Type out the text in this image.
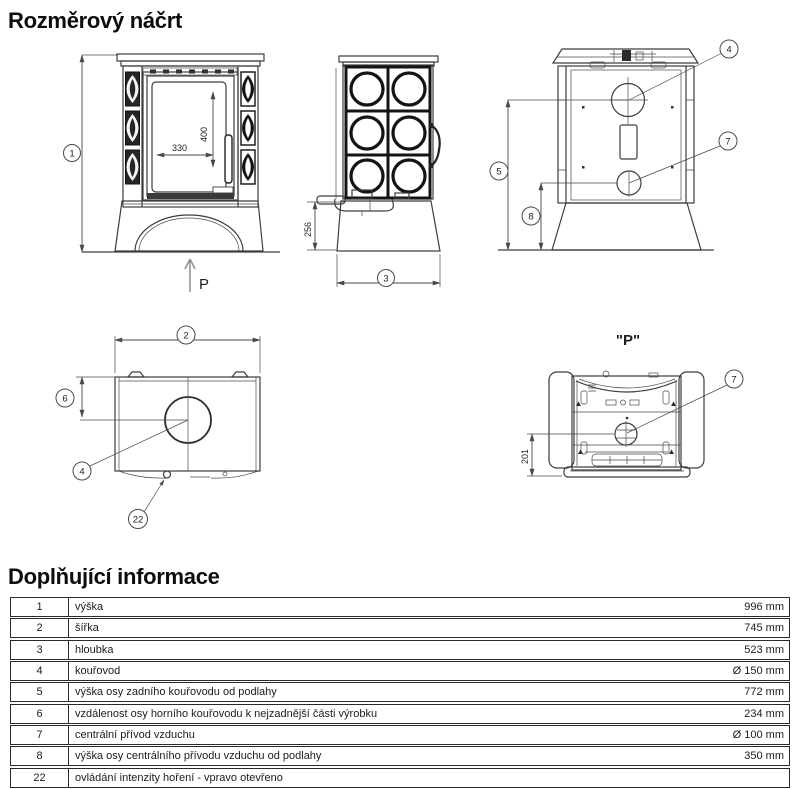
Rozměrový náčrt
400
330
1
P
256
3
5
8
4
7
2
6
4
22
"P"
201
7
Doplňující informace
1	výška	996 mm
2	šířka	745 mm
3	hloubka	523 mm
4	kouřovod	Ø 150 mm
5	výška osy zadního kouřovodu od podlahy	772 mm
6	vzdálenost osy horního kouřovodu k nejzadnější části výrobku	234 mm
7	centrální přívod vzduchu	Ø 100 mm
8	výška osy centrálního přívodu vzduchu od podlahy	350 mm
22	ovládání intenzity hoření - vpravo otevřeno
